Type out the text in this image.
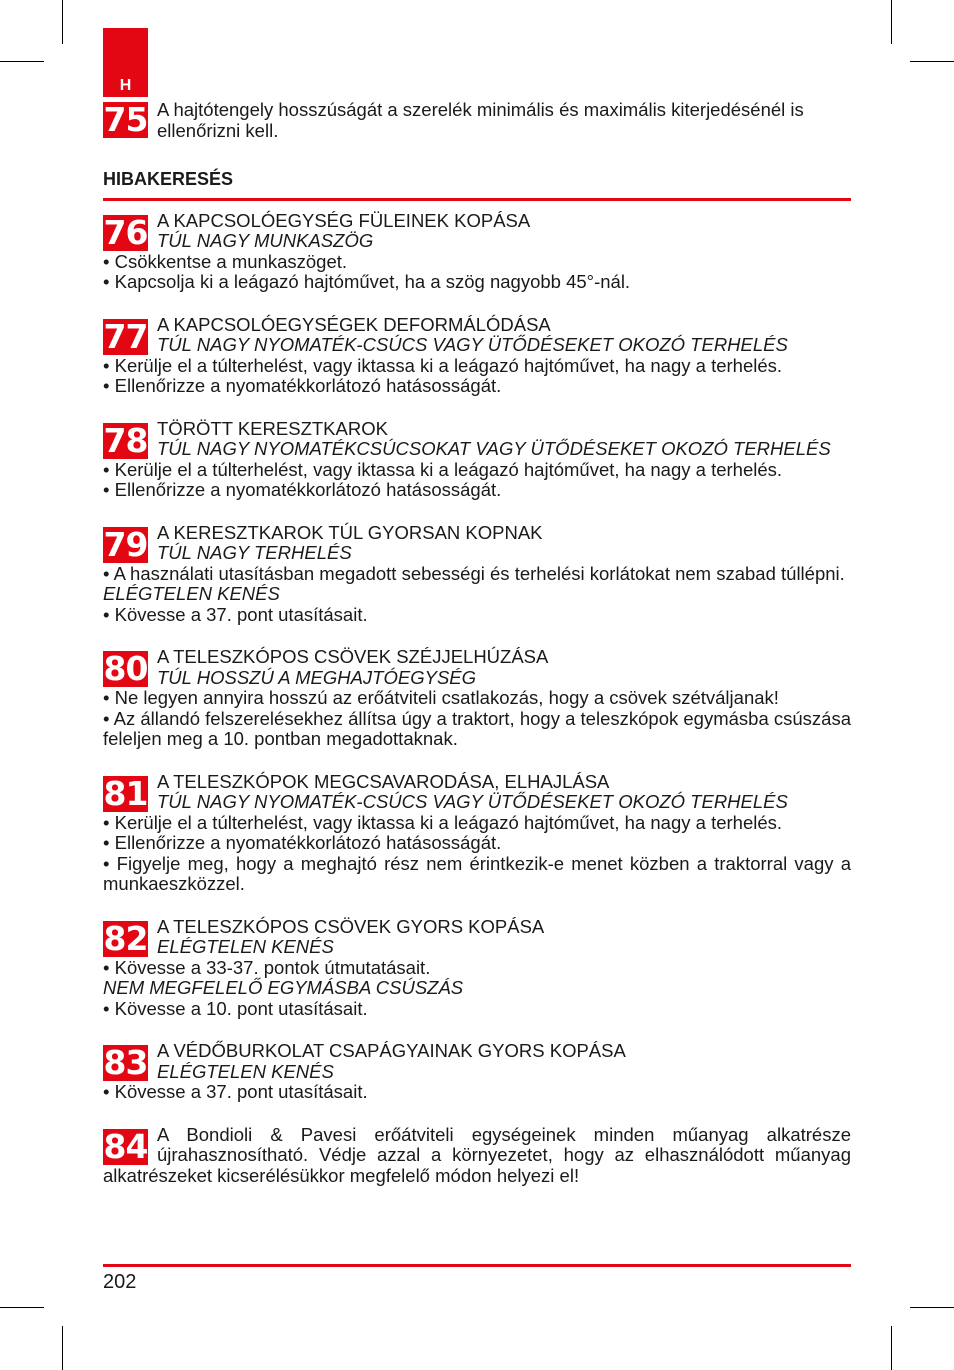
H
75 A hajtótengely hosszúságát a szerelék minimális és maximális kiterjedésénél is ellenőrizni kell.

HIBAKERESÉS
76 A KAPCSOLÓEGYSÉG FÜLEINEK KOPÁSA
TÚL NAGY MUNKASZÖG
• Csökkentse a munkaszöget.
• Kapcsolja ki a leágazó hajtóművet, ha a szög nagyobb 45°-nál.
77 A KAPCSOLÓEGYSÉGEK DEFORMÁLÓDÁSA
TÚL NAGY NYOMATÉK-CSÚCS VAGY ÜTŐDÉSEKET OKOZÓ TERHELÉS
• Kerülje el a túlterhelést, vagy iktassa ki a leágazó hajtóművet, ha nagy a terhelés.
• Ellenőrizze a nyomatékkorlátozó hatásosságát.
78 TÖRÖTT KERESZTKAROK
TÚL NAGY NYOMATÉKCSÚCSOKAT VAGY ÜTŐDÉSEKET OKOZÓ TERHELÉS
• Kerülje el a túlterhelést, vagy iktassa ki a leágazó hajtóművet, ha nagy a terhelés.
• Ellenőrizze a nyomatékkorlátozó hatásosságát.
79 A KERESZTKAROK TÚL GYORSAN KOPNAK
TÚL NAGY TERHELÉS
• A használati utasításban megadott sebességi és terhelési korlátokat nem szabad túllépni.
ELÉGTELEN KENÉS
• Kövesse a 37. pont utasításait.
80 A TELESZKÓPOS CSÖVEK SZÉJJELHÚZÁSA
TÚL HOSSZÚ A MEGHAJTÓEGYSÉG
• Ne legyen annyira hosszú az erőátviteli csatlakozás, hogy a csövek szétváljanak!
• Az állandó felszerelésekhez állítsa úgy a traktort, hogy a teleszkópok egymásba csúszása feleljen meg a 10. pontban megadottaknak.
81 A TELESZKÓPOK MEGCSAVARODÁSA, ELHAJLÁSA
TÚL NAGY NYOMATÉK-CSÚCS VAGY ÜTŐDÉSEKET OKOZÓ TERHELÉS
• Kerülje el a túlterhelést, vagy iktassa ki a leágazó hajtóművet, ha nagy a terhelés.
• Ellenőrizze a nyomatékkorlátozó hatásosságát.
• Figyelje meg, hogy a meghajtó rész nem érintkezik-e menet közben a traktorral vagy a munkaeszközzel.
82 A TELESZKÓPOS CSÖVEK GYORS KOPÁSA
ELÉGTELEN KENÉS
• Kövesse a 33-37. pontok útmutatásait.
NEM MEGFELELŐ EGYMÁSBA CSÚSZÁS
• Kövesse a 10. pont utasításait.
83 A VÉDŐBURKOLAT CSAPÁGYAINAK GYORS KOPÁSA
ELÉGTELEN KENÉS
• Kövesse a 37. pont utasításait.
84 A Bondioli & Pavesi erőátviteli egységeinek minden műanyag alkatrésze újrahasznosítható. Védje azzal a környezetet, hogy az elhasználódott műanyag alkatrészeket kicserélésükkor megfelelő módon helyezi el!

202
